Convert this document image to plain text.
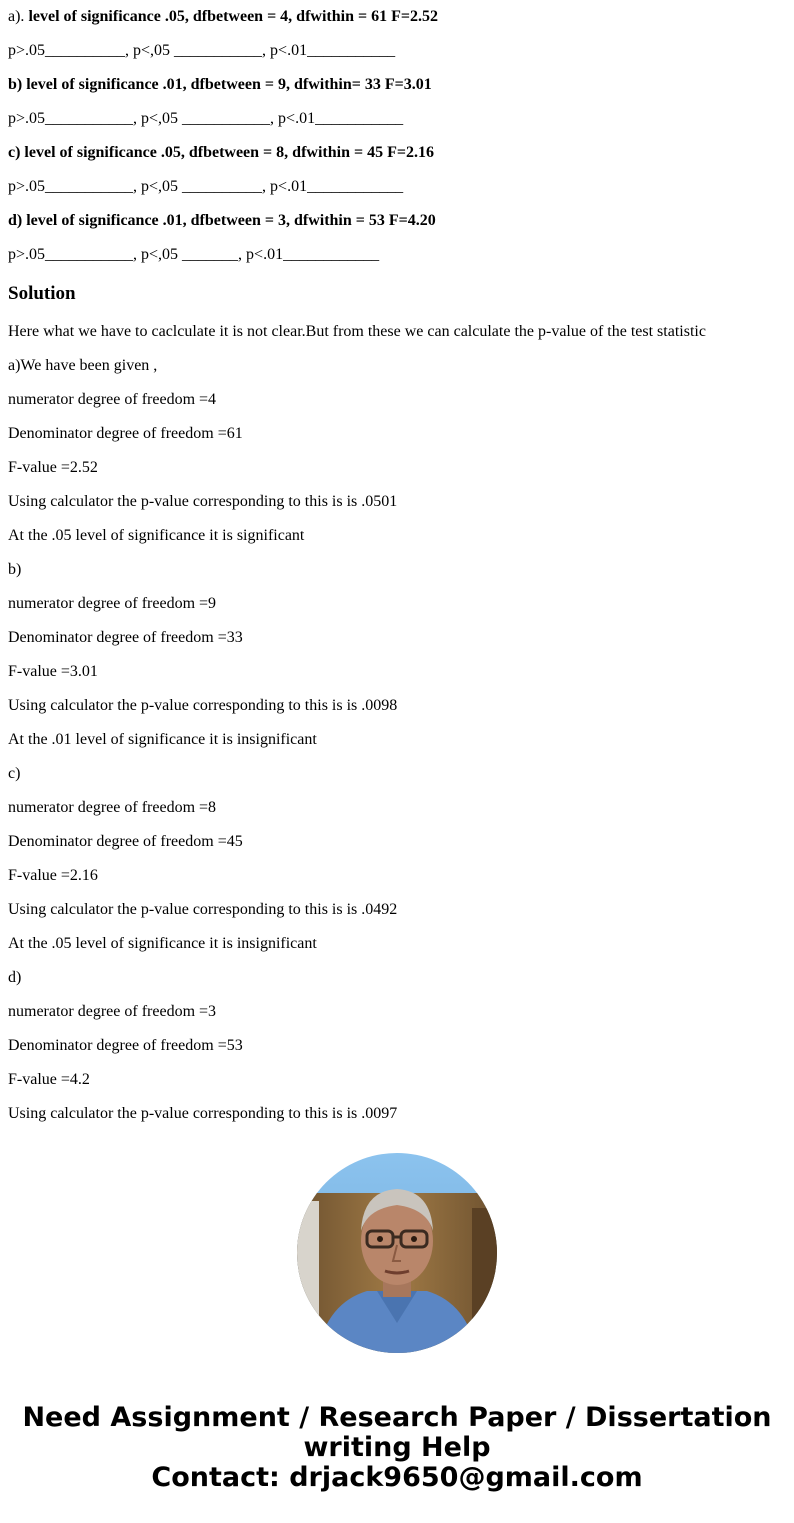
a). level of significance .05, dfbetween = 4, dfwithin = 61 F=2.52
p>.05__________, p<,05 ___________, p<.01___________
b) level of significance .01, dfbetween = 9, dfwithin= 33 F=3.01
p>.05___________, p<,05 ___________, p<.01___________
c) level of significance .05, dfbetween = 8, dfwithin = 45 F=2.16
p>.05___________, p<,05 __________, p<.01____________
d) level of significance .01, dfbetween = 3, dfwithin = 53 F=4.20
p>.05___________, p<,05 _______, p<.01____________
Solution
Here what we have to caclculate it is not clear.But from these we can calculate the p-value of the test statistic
a)We have been given ,
numerator degree of freedom =4
Denominator degree of freedom =61
F-value =2.52
Using calculator the p-value corresponding to this is is .0501
At the .05 level of significance it is significant
b)
numerator degree of freedom =9
Denominator degree of freedom =33
F-value =3.01
Using calculator the p-value corresponding to this is is .0098
At the .01 level of significance it is insignificant
c)
numerator degree of freedom =8
Denominator degree of freedom =45
F-value =2.16
Using calculator the p-value corresponding to this is is .0492
At the .05 level of significance it is insignificant
d)
numerator degree of freedom =3
Denominator degree of freedom =53
F-value =4.2
Using calculator the p-value corresponding to this is is .0097
Need Assignment / Research Paper / Dissertation
writing Help
Contact: drjack9650@gmail.com
